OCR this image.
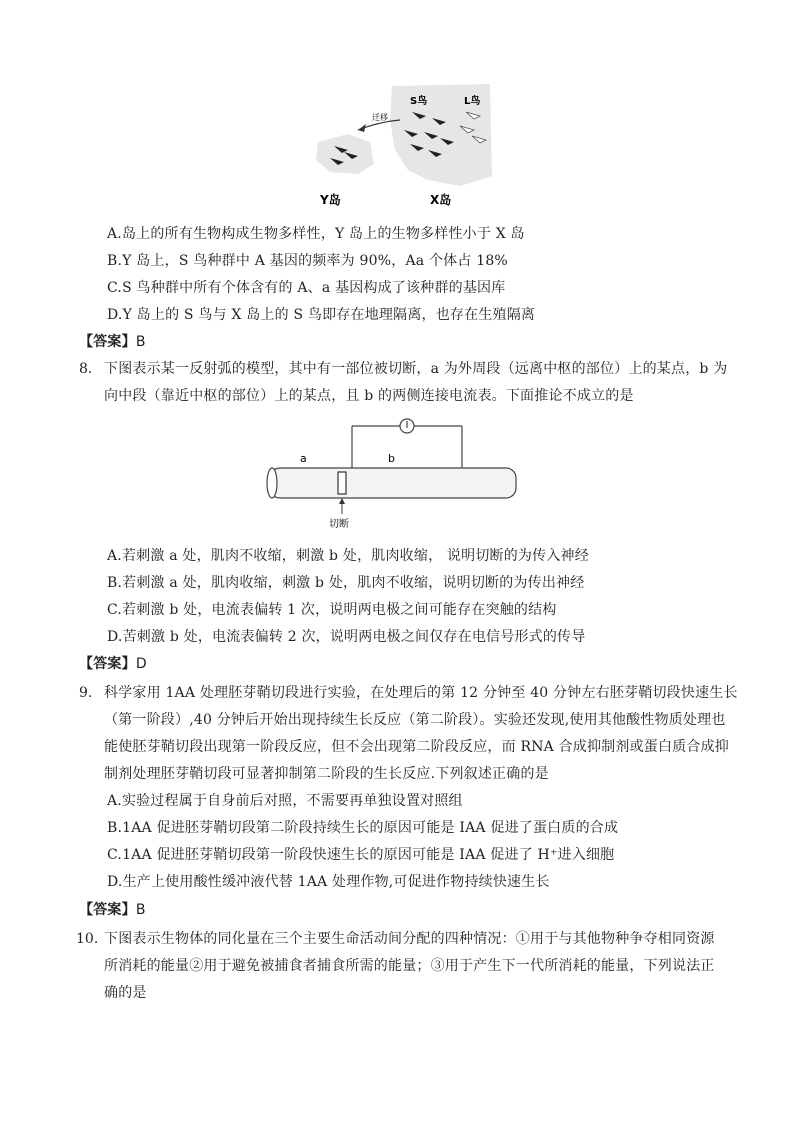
迁移
S鸟	L鸟
Y岛	X岛
A.岛上的所有生物构成生物多样性，Y 岛上的生物多样性小于 X 岛
B.Y 岛上，S 鸟种群中 A 基因的频率为 90%，Aa 个体占 18%
C.S 鸟种群中所有个体含有的 A、a 基因构成了该种群的基因库
D.Y 岛上的 S 鸟与 X 岛上的 S 鸟即存在地理隔离，也存在生殖隔离
【答案】B
8. 下图表示某一反射弧的模型，其中有一部位被切断，a 为外周段（远离中枢的部位）上的某点，b 为
向中段（靠近中枢的部位）上的某点，且 b 的两侧连接电流表。下面推论不成立的是
a	b
切断
A.若刺激 a 处，肌肉不收缩，刺激 b 处，肌肉收缩， 说明切断的为传入神经
B.若刺激 a 处，肌肉收缩，刺激 b 处，肌肉不收缩，说明切断的为传出神经
C.若刺激 b 处，电流表偏转 1 次，说明两电极之间可能存在突触的结构
D.苦刺激 b 处，电流表偏转 2 次，说明两电极之间仅存在电信号形式的传导
【答案】D
9. 科学家用 1AA 处理胚芽鞘切段进行实验，在处理后的第 12 分钟至 40 分钟左右胚芽鞘切段快速生长
（第一阶段）,40 分钟后开始出现持续生长反应（第二阶段）。实验还发现,使用其他酸性物质处理也
能使胚芽鞘切段出现第一阶段反应，但不会出现第二阶段反应，而 RNA 合成抑制剂或蛋白质合成抑
制剂处理胚芽鞘切段可显著抑制第二阶段的生长反应.下列叙述正确的是
A.实验过程属于自身前后对照，不需要再单独设置对照组
B.1AA 促进胚芽鞘切段第二阶段持续生长的原因可能是 IAA 促进了蛋白质的合成
C.1AA 促进胚芽鞘切段第一阶段快速生长的原因可能是 IAA 促进了 H⁺进入细胞
D.生产上使用酸性缓冲液代替 1AA 处理作物,可促进作物持续快速生长
【答案】B
10. 下图表示生物体的同化量在三个主要生命活动间分配的四种情况：①用于与其他物种争夺相同资源
所消耗的能量②用于避免被捕食者捕食所需的能量；③用于产生下一代所消耗的能量，下列说法正
确的是
